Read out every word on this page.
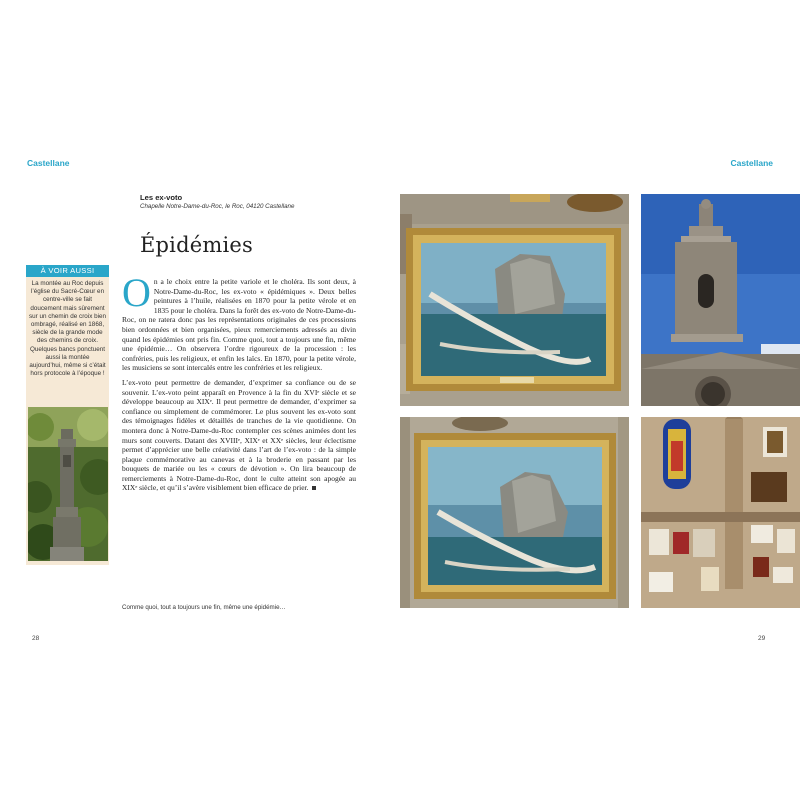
Castellane
À VOIR AUSSI
La montée au Roc depuis l’église du Sacré-Cœur en centre-ville se fait doucement mais sûrement sur un chemin de croix bien ombragé, réalisé en 1868, siècle de la grande mode des chemins de croix. Quelques bancs ponctuent aussi la montée aujourd’hui, même si c’était hors protocole à l’époque !
Les ex-voto
Chapelle Notre-Dame-du-Roc, le Roc, 04120 Castellane
Épidémies

On a le choix entre la petite variole et le choléra. Ils sont deux, à Notre-Dame-du-Roc, les ex-voto « épidémiques ». Deux belles peintures à l’huile, réalisées en 1870 pour la petite vérole et en 1835 pour le choléra. Dans la forêt des ex-voto de Notre-Dame-du-Roc, on ne ratera donc pas les représentations originales de ces processions bien ordonnées et bien organisées, pieux remerciements adressés au divin quand les épidémies ont pris fin. Comme quoi, tout a toujours une fin, même une épidémie… On observera l’ordre rigoureux de la procession : les confréries, puis les religieux, et enfin les laïcs. En 1870, pour la petite vérole, les musiciens se sont intercalés entre les confréries et les religieux.

L’ex-voto peut permettre de demander, d’exprimer sa confiance ou de se souvenir. L’ex-voto peint apparaît en Provence à la fin du XVIᵉ siècle et se développe beaucoup au XIXᵉ. Il peut permettre de demander, d’exprimer sa confiance ou simplement de commémorer. Le plus souvent les ex-voto sont des témoignages fidèles et détaillés de tranches de la vie quotidienne. On montera donc à Notre-Dame-du-Roc contempler ces scènes animées dont les murs sont couverts. Datant des XVIIIᵉ, XIXᵉ et XXᵉ siècles, leur éclectisme permet d’apprécier une belle créativité dans l’art de l’ex-voto : de la simple plaque commémorative au canevas et à la broderie en passant par les bouquets de mariée ou les « cœurs de dévotion ». On lira beaucoup de remerciements à Notre-Dame-du-Roc, dont le culte atteint son apogée au XIXᵉ siècle, et qu’il s’avère visiblement bien efficace de prier.

Comme quoi, tout a toujours une fin, même une épidémie…
28
Castellane
29
